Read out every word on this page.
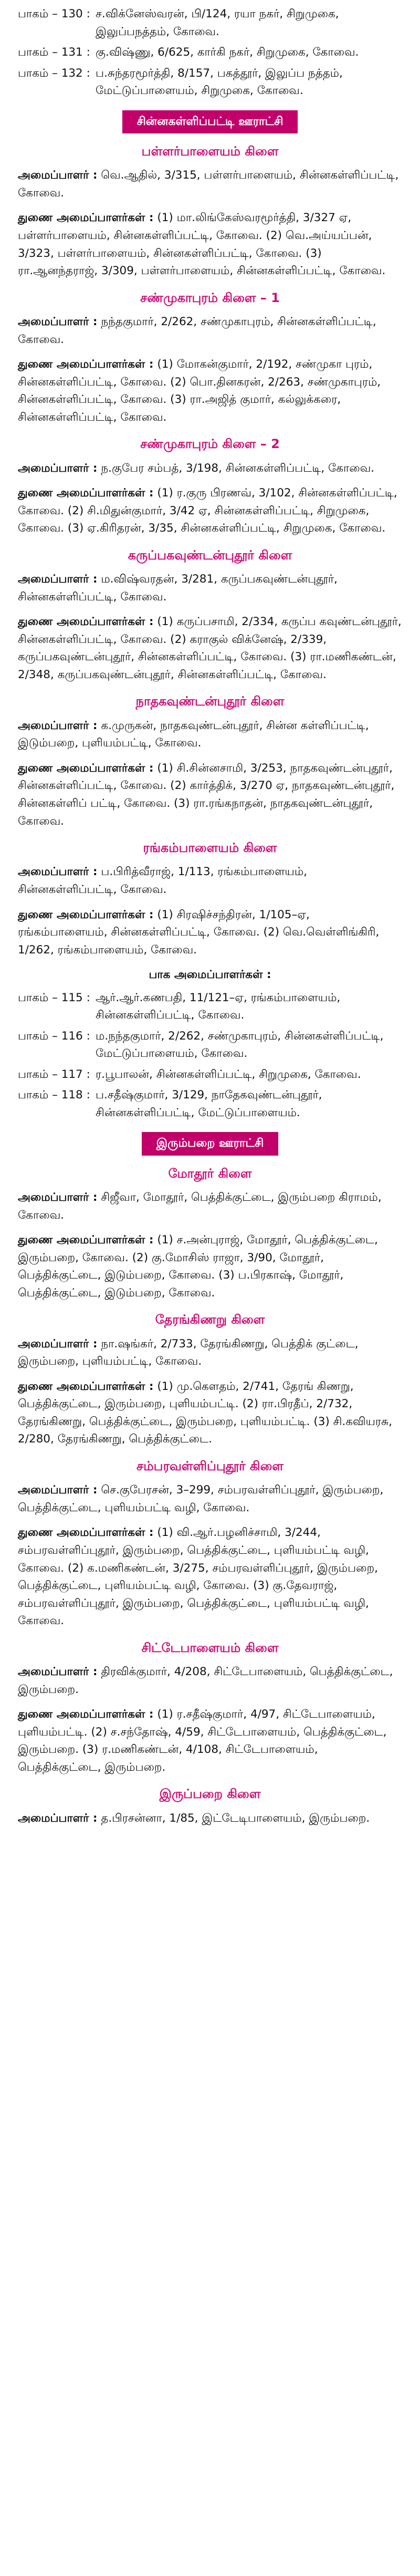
பாகம் – 130 : ச.விக்னேஸ்வரன், பி/124, ரயா நகர், சிறுமுகை, இலுப்பநத்தம், கோவை.
பாகம் – 131 : கு.விஷ்ணு, 6/625, கார்கி நகர், சிறுமுகை, கோவை.
பாகம் – 132 : ப.சுந்தரமூர்த்தி, 8/157, பகத்தூர், இலுப்ப நத்தம், மேட்டுப்பாளையம், சிறுமுகை, கோவை.
சின்னகள்ளிப்பட்டி ஊராட்சி
பள்ளர்பாளையம் கிளை
அமைப்பாளர் : வெ.ஆதில், 3/315, பள்ளர்பாளையம், சின்னகள்ளிப்பட்டி, கோவை.
துணை அமைப்பாளர்கள் : (1) மா.லிங்கேஸ்வரமூர்த்தி, 3/327 ஏ, பள்ளர்பாளையம், சின்னகள்ளிப்பட்டி, கோவை. (2) வெ.அய்யப்பன், 3/323, பள்ளர்பாளையம், சின்னகள்ளிப்பட்டி, கோவை. (3) ரா.ஆனந்தராஜ், 3/309, பள்ளர்பாளையம், சின்னகள்ளிப்பட்டி, கோவை.
சண்முகாபுரம் கிளை – 1
அமைப்பாளர் : நந்தகுமார், 2/262, சண்முகாபுரம், சின்னகள்ளிப்பட்டி, கோவை.
துணை அமைப்பாளர்கள் : (1) மோகன்குமார், 2/192, சண்முகா புரம், சின்னகள்ளிப்பட்டி, கோவை. (2) பொ.தினகரன், 2/263, சண்முகாபுரம், சின்னகள்ளிப்பட்டி, கோவை. (3) ரா.அஜித் குமார், கல்லுக்கரை, சின்னகள்ளிப்பட்டி, கோவை.
சண்முகாபுரம் கிளை – 2
அமைப்பாளர் : ந.குபேர சம்பத், 3/198, சின்னகள்ளிப்பட்டி, கோவை.
துணை அமைப்பாளர்கள் : (1) ர.குரு பிரணவ், 3/102, சின்னகள்ளிப்பட்டி, கோவை. (2) சி.மிதுன்குமார், 3/42 ஏ, சின்னகள்ளிப்பட்டி, சிறுமுகை, கோவை. (3) ஏ.கிரிதரன், 3/35, சின்னகள்ளிப்பட்டி, சிறுமுகை, கோவை.
கருப்பகவுண்டன்புதூர் கிளை
அமைப்பாளர் : ம.விஷ்வரதன், 3/281, கருப்பகவுண்டன்புதூர், சின்னகள்ளிப்பட்டி, கோவை.
துணை அமைப்பாளர்கள் : (1) கருப்பசாமி, 2/334, கருப்ப கவுண்டன்புதூர், சின்னகள்ளிப்பட்டி, கோவை. (2) கராகுல் விக்னேஷ், 2/339, கருப்பகவுண்டன்புதூர், சின்னகள்ளிப்பட்டி, கோவை. (3) ரா.மணிகண்டன், 2/348, கருப்பகவுண்டன்புதூர், சின்னகள்ளிப்பட்டி, கோவை.
நாதகவுண்டன்புதூர் கிளை
அமைப்பாளர் : க.முருகன், நாதகவுண்டன்புதூர், சின்ன கள்ளிப்பட்டி, இடும்பறை, புளியம்பட்டி, கோவை.
துணை அமைப்பாளர்கள் : (1) சி.சின்னசாமி, 3/253, நாதகவுண்டன்புதூர், சின்னகள்ளிப்பட்டி, கோவை. (2) கார்த்திக், 3/270 ஏ, நாதகவுண்டன்புதூர், சின்னகள்ளிப் பட்டி, கோவை. (3) ரா.ரங்கநாதன், நாதகவுண்டன்புதூர், கோவை.
ரங்கம்பாளையம் கிளை
அமைப்பாளர் : ப.பிரித்வீராஜ், 1/113, ரங்கம்பாளையம், சின்னகள்ளிப்பட்டி, கோவை.
துணை அமைப்பாளர்கள் : (1) சிரஷிச்சந்திரன், 1/105–ஏ, ரங்கம்பாளையம், சின்னகள்ளிப்பட்டி, கோவை. (2) வெ.வெள்ளிங்கிரி, 1/262, ரங்கம்பாளையம், கோவை.
பாக அமைப்பாளர்கள் :
பாகம் – 115 : ஆர்.ஆர்.கணபதி, 11/121–ஏ, ரங்கம்பாளையம், சின்னகள்ளிப்பட்டி, கோவை.
பாகம் – 116 : ம.நந்தகுமார், 2/262, சண்முகாபுரம், சின்னகள்ளிப்பட்டி, மேட்டுப்பாளையம், கோவை.
பாகம் – 117 : ர.பூபாலன், சின்னகள்ளிப்பட்டி, சிறுமுகை, கோவை.
பாகம் – 118 : ப.சதீஷ்குமார், 3/129, நாதேகவுண்டன்புதூர், சின்னகள்ளிப்பட்டி, மேட்டுப்பாளையம்.
இரும்பறை ஊராட்சி
மோதூர் கிளை
அமைப்பாளர் : சிஜீவா, மோதூர், பெத்திக்குட்டை, இரும்பறை கிராமம், கோவை.
துணை அமைப்பாளர்கள் : (1) ச.அன்புராஜ், மோதூர், பெத்திக்குட்டை, இரும்பறை, கோவை. (2) கு.மோசிஸ் ராஜா, 3/90, மோதூர், பெத்திக்குட்டை, இடும்பறை, கோவை. (3) ப.பிரகாஷ், மோதூர், பெத்திக்குட்டை, இடும்பறை, கோவை.
தேரங்கிணறு கிளை
அமைப்பாளர் : நா.ஷங்கர், 2/733, தேரங்கிணறு, பெத்திக் குட்டை, இரும்பறை, புளியம்பட்டி, கோவை.
துணை அமைப்பாளர்கள் : (1) மு.கௌதம், 2/741, தேரங் கிணறு, பெத்திக்குட்டை, இரும்பறை, புளியம்பட்டி. (2) ரா.பிரதீப், 2/732, தேரங்கிணறு, பெத்திக்குட்டை, இரும்பறை, புளியம்பட்டி. (3) சி.கவியரசு, 2/280, தேரங்கிணறு, பெத்திக்குட்டை.
சம்பரவள்ளிப்புதூர் கிளை
அமைப்பாளர் : செ.குபேரசன், 3–299, சம்பரவள்ளிப்புதூர், இரும்பறை, பெத்திக்குட்டை, புளியம்பட்டி வழி, கோவை.
துணை அமைப்பாளர்கள் : (1) வி.ஆர்.பழனிச்சாமி, 3/244, சம்பரவள்ளிப்புதூர், இரும்பறை, பெத்திக்குட்டை, புளியம்பட்டி வழி, கோவை. (2) க.மணிகண்டன், 3/275, சம்பரவள்ளிப்புதூர், இரும்பறை, பெத்திக்குட்டை, புளியம்பட்டி வழி, கோவை. (3) கு.தேவராஜ், சம்பரவள்ளிப்புதூர், இரும்பறை, பெத்திக்குட்டை, புளியம்பட்டி வழி, கோவை.
சிட்டேபாளையம் கிளை
அமைப்பாளர் : திரவிக்குமார், 4/208, சிட்டேபாளையம், பெத்திக்குட்டை, இரும்பறை.
துணை அமைப்பாளர்கள் : (1) ர.சதீஷ்குமார், 4/97, சிட்டேபாளையம், புளியம்பட்டி. (2) ச.சந்தோஷ், 4/59, சிட்டேபாளையம், பெத்திக்குட்டை, இரும்பறை. (3) ர.மணிகண்டன், 4/108, சிட்டேபாளையம், பெத்திக்குட்டை, இரும்பறை.
இருப்பறை கிளை
அமைப்பாளர் : த.பிரசன்னா, 1/85, இட்டேடிபாளையம், இரும்பறை.
